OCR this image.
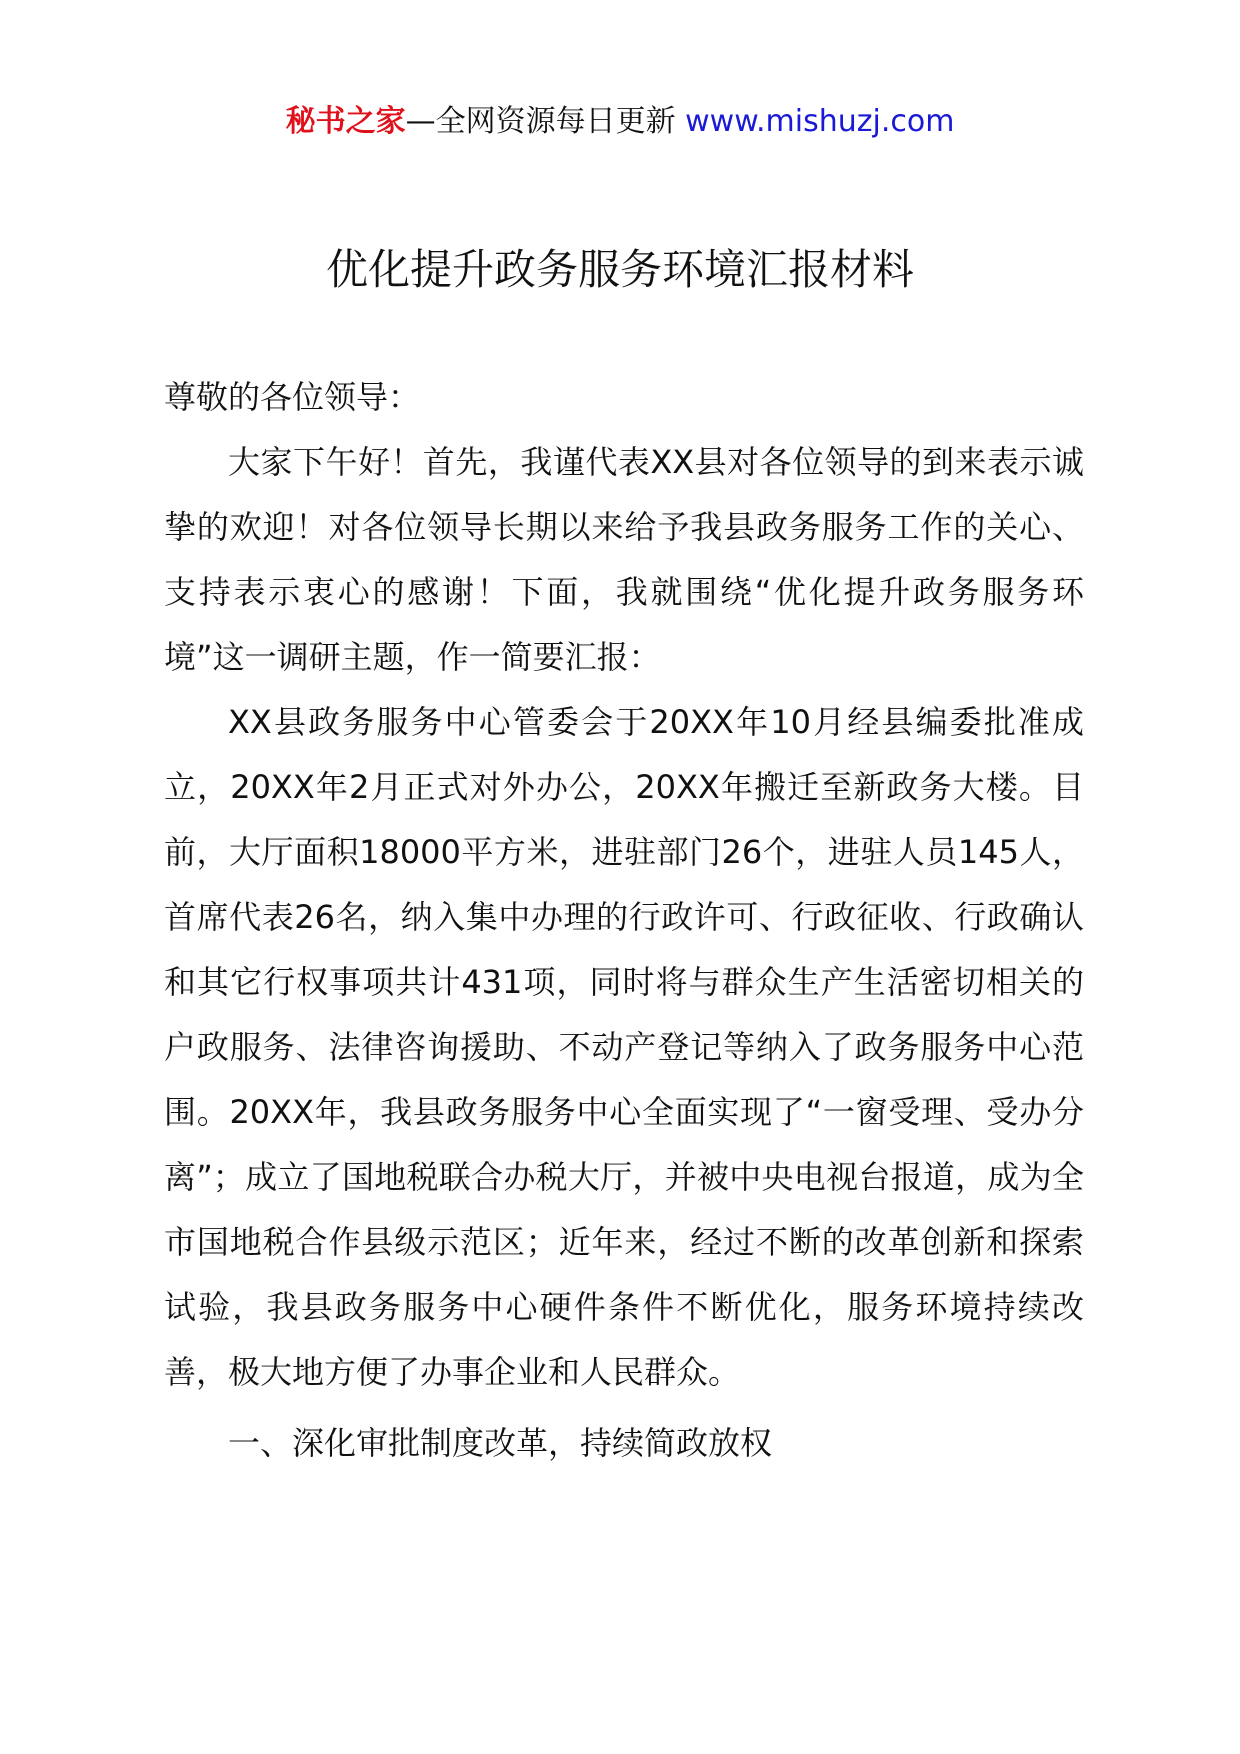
秘书之家—全网资源每日更新 www.mishuzj.com
优化提升政务服务环境汇报材料

尊敬的各位领导：

大家下午好！首先，我谨代表XX县对各位领导的到来表示诚挚的欢迎！对各位领导长期以来给予我县政务服务工作的关心、支持表示衷心的感谢！下面，我就围绕“优化提升政务服务环境”这一调研主题，作一简要汇报：

XX县政务服务中心管委会于20XX年10月经县编委批准成立，20XX年2月正式对外办公，20XX年搬迁至新政务大楼。目前，大厅面积18000平方米，进驻部门26个，进驻人员145人，首席代表26名，纳入集中办理的行政许可、行政征收、行政确认和其它行权事项共计431项，同时将与群众生产生活密切相关的户政服务、法律咨询援助、不动产登记等纳入了政务服务中心范围。20XX年，我县政务服务中心全面实现了“一窗受理、受办分离”；成立了国地税联合办税大厅，并被中央电视台报道，成为全市国地税合作县级示范区；近年来，经过不断的改革创新和探索试验，我县政务服务中心硬件条件不断优化，服务环境持续改善，极大地方便了办事企业和人民群众。

一、深化审批制度改革，持续简政放权
